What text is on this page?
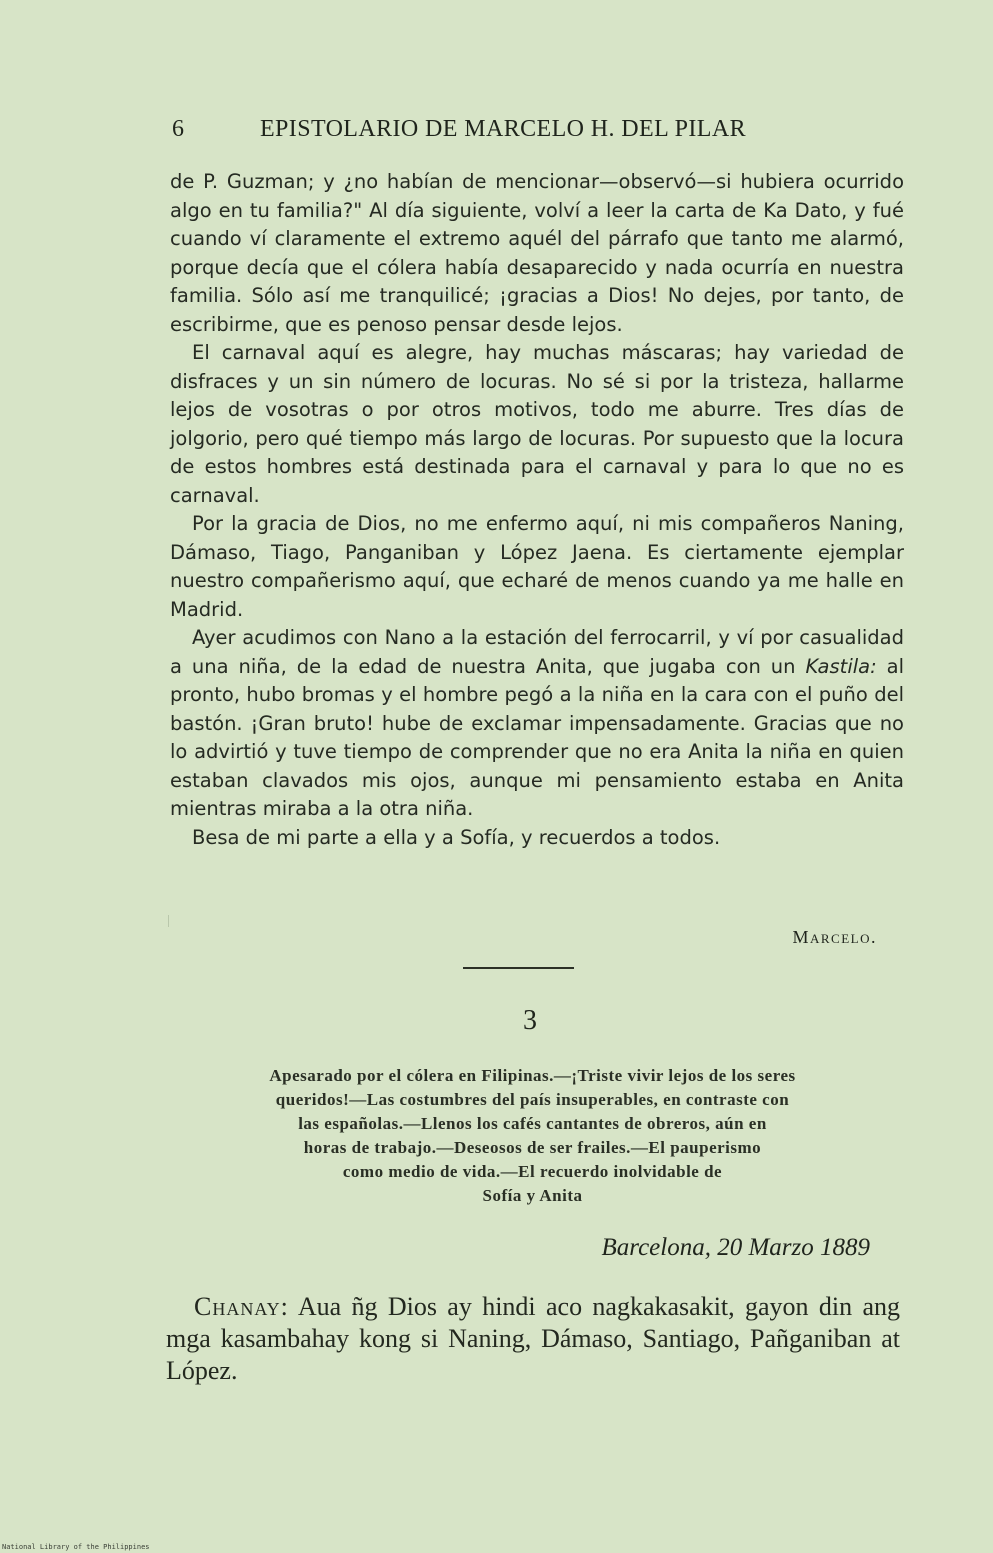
6	EPISTOLARIO DE MARCELO H. DEL PILAR

de P. Guzman; y ¿no habían de mencionar—observó—si hubiera ocurrido algo en tu familia?" Al día siguiente, volví a leer la carta de Ka Dato, y fué cuando ví claramente el extremo aquél del párrafo que tanto me alarmó, porque decía que el cólera había desaparecido y nada ocurría en nuestra familia. Sólo así me tranquilicé; ¡gracias a Dios! No dejes, por tanto, de escribirme, que es penoso pensar desde lejos.

El carnaval aquí es alegre, hay muchas máscaras; hay variedad de disfraces y un sin número de locuras. No sé si por la tristeza, hallarme lejos de vosotras o por otros motivos, todo me aburre. Tres días de jolgorio, pero qué tiempo más largo de locuras. Por supuesto que la locura de estos hombres está destinada para el carnaval y para lo que no es carnaval.

Por la gracia de Dios, no me enfermo aquí, ni mis compañeros Naning, Dámaso, Tiago, Panganiban y López Jaena. Es ciertamente ejemplar nuestro compañerismo aquí, que echaré de menos cuando ya me halle en Madrid.

Ayer acudimos con Nano a la estación del ferrocarril, y ví por casualidad a una niña, de la edad de nuestra Anita, que jugaba con un Kastila: al pronto, hubo bromas y el hombre pegó a la niña en la cara con el puño del bastón. ¡Gran bruto! hube de exclamar impensadamente. Gracias que no lo advirtió y tuve tiempo de comprender que no era Anita la niña en quien estaban clavados mis ojos, aunque mi pensamiento estaba en Anita mientras miraba a la otra niña.

Besa de mi parte a ella y a Sofía, y recuerdos a todos.

Marcelo.
3
Apesarado por el cólera en Filipinas.—¡Triste vivir lejos de los seres
queridos!—Las costumbres del país insuperables, en contraste con
las españolas.—Llenos los cafés cantantes de obreros, aún en
horas de trabajo.—Deseosos de ser frailes.—El pauperismo
como medio de vida.—El recuerdo inolvidable de
Sofía y Anita
Barcelona, 20 Marzo 1889

Chanay: Aua ñg Dios ay hindi aco nagkakasakit, gayon din ang mga kasambahay kong si Naning, Dámaso, Santiago, Pañganiban at López.

National Library of the Philippines
